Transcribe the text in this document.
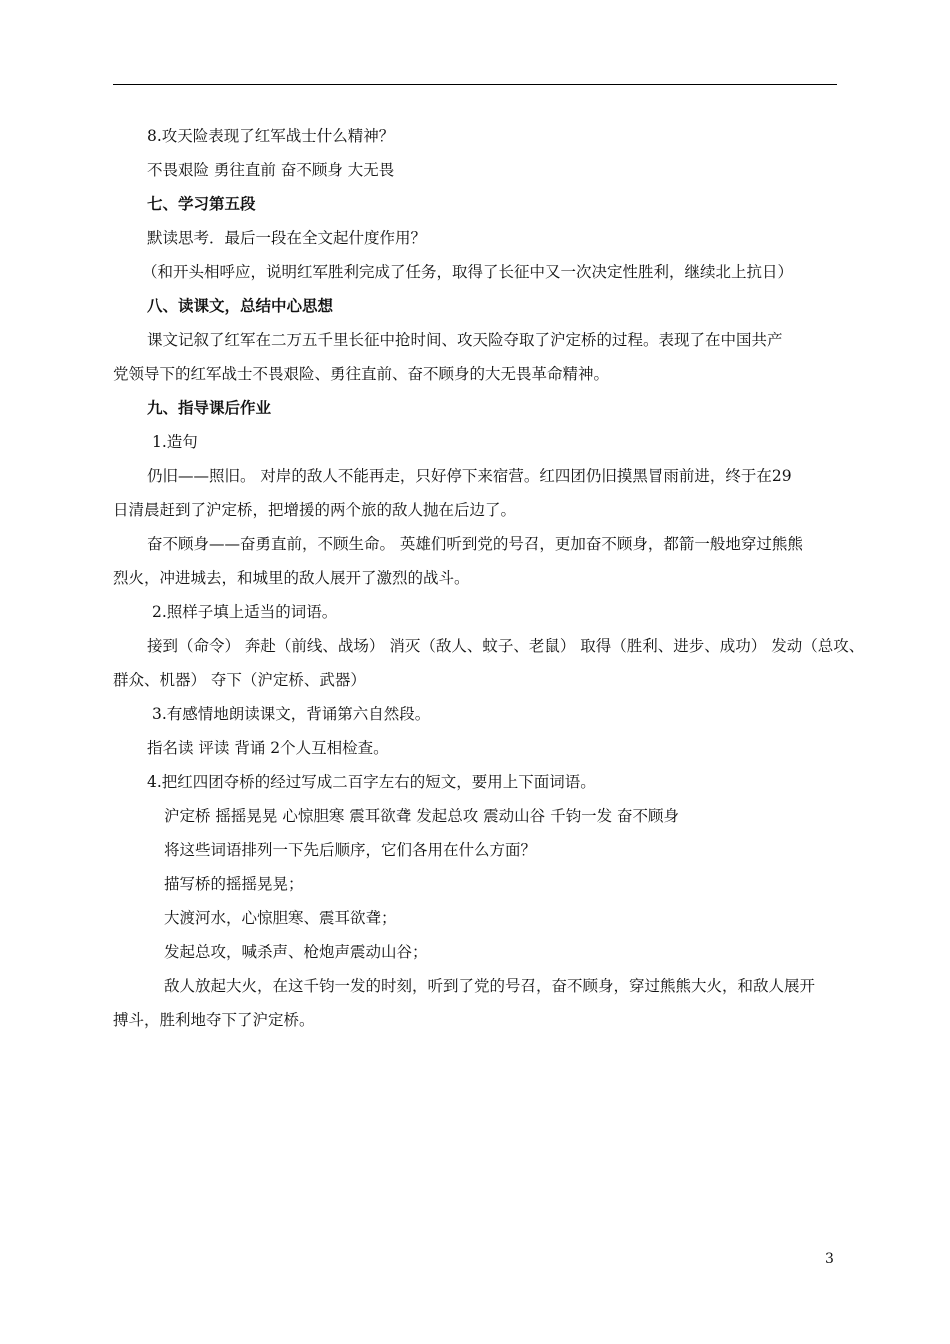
8.攻天险表现了红军战士什么精神？
不畏艰险 勇往直前 奋不顾身 大无畏
七、学习第五段
默读思考．最后一段在全文起什度作用？
（和开头相呼应，说明红军胜利完成了任务，取得了长征中又一次决定性胜利，继续北上抗日）
八、读课文，总结中心思想
课文记叙了红军在二万五千里长征中抢时间、攻天险夺取了沪定桥的过程。表现了在中国共产
党领导下的红军战士不畏艰险、勇往直前、奋不顾身的大无畏革命精神。
九、指导课后作业
1.造句
仍旧——照旧。 对岸的敌人不能再走，只好停下来宿营。红四团仍旧摸黑冒雨前进，终于在29
日清晨赶到了沪定桥，把增援的两个旅的敌人抛在后边了。
奋不顾身——奋勇直前，不顾生命。 英雄们听到党的号召，更加奋不顾身，都箭一般地穿过熊熊
烈火，冲进城去，和城里的敌人展开了激烈的战斗。
2.照样子填上适当的词语。
接到（命令） 奔赴（前线、战场） 消灭（敌人、蚊子、老鼠） 取得（胜利、进步、成功） 发动（总攻、
群众、机器） 夺下（沪定桥、武器）
3.有感情地朗读课文，背诵第六自然段。
指名读 评读 背诵 2个人互相检查。
4.把红四团夺桥的经过写成二百字左右的短文，要用上下面词语。
沪定桥 摇摇晃晃 心惊胆寒 震耳欲聋 发起总攻 震动山谷 千钧一发 奋不顾身
将这些词语排列一下先后顺序，它们各用在什么方面？
描写桥的摇摇晃晃；
大渡河水，心惊胆寒、震耳欲聋；
发起总攻，喊杀声、枪炮声震动山谷；
敌人放起大火，在这千钧一发的时刻，听到了党的号召，奋不顾身，穿过熊熊大火，和敌人展开
搏斗，胜利地夺下了沪定桥。
3
